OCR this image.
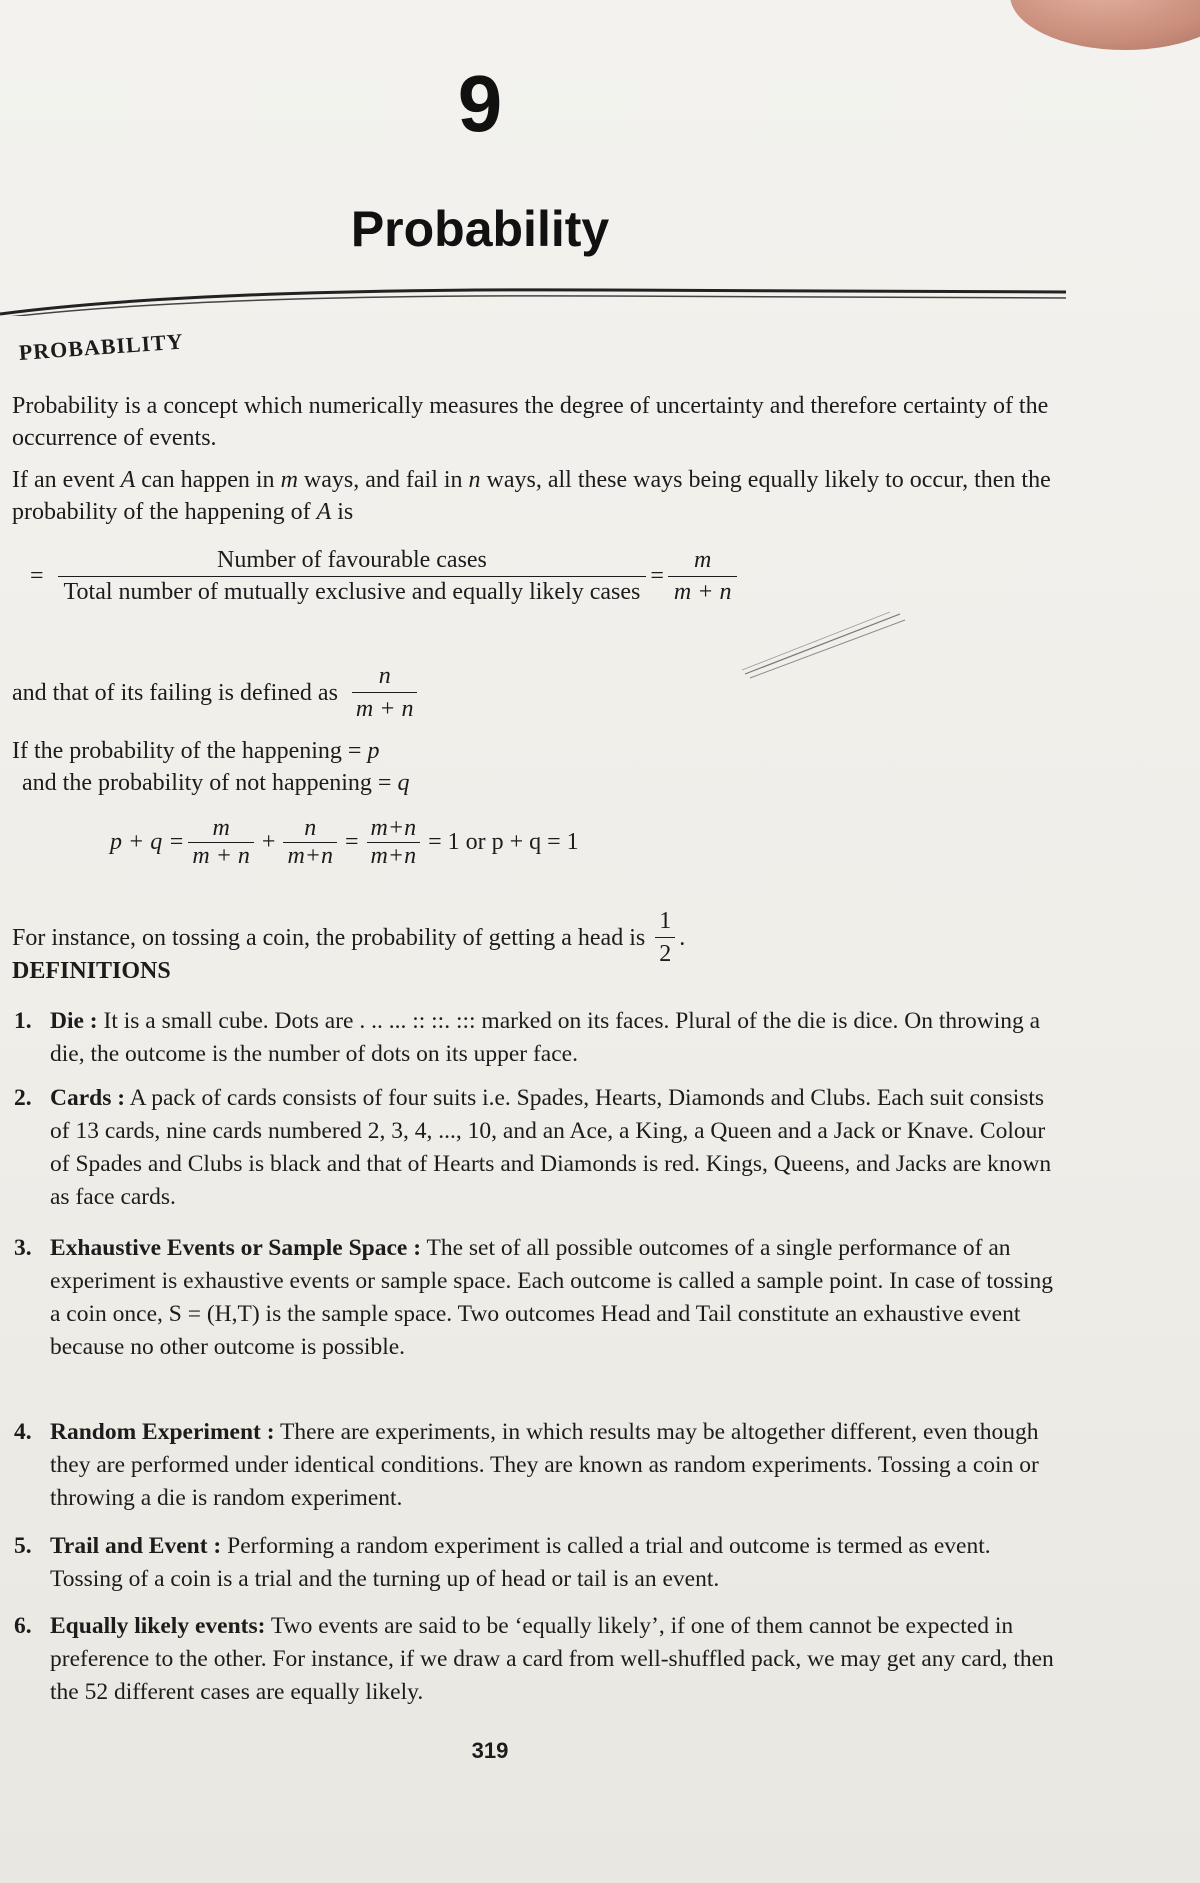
9
Probability
PROBABILITY

Probability is a concept which numerically measures the degree of uncertainty and therefore certainty of the occurrence of events.

If an event A can happen in m ways, and fail in n ways, all these ways being equally likely to occur, then the probability of the happening of A is

= $\frac{\text{Number of favourable cases}}{\text{Total number of mutually exclusive and equally likely cases}} = \frac{m}{m + n}$
and that of its failing is defined as $\frac{n}{m + n}$

If the probability of the happening = p

and the probability of not happening = q

$p + q = \frac{m}{m + n} + \frac{n}{m+n} = \frac{m+n}{m+n} = 1$ or p + q = 1
For instance, on tossing a coin, the probability of getting a head is $\frac{1}{2}$ .
DEFINITIONS
1. Die : It is a small cube. Dots are . .. ... :: ::. ::: marked on its faces. Plural of the die is dice. On throwing a die, the outcome is the number of dots on its upper face.
2. Cards : A pack of cards consists of four suits i.e. Spades, Hearts, Diamonds and Clubs. Each suit consists of 13 cards, nine cards numbered 2, 3, 4, ..., 10, and an Ace, a King, a Queen and a Jack or Knave. Colour of Spades and Clubs is black and that of Hearts and Diamonds is red. Kings, Queens, and Jacks are known as face cards.
3. Exhaustive Events or Sample Space : The set of all possible outcomes of a single performance of an experiment is exhaustive events or sample space. Each outcome is called a sample point. In case of tossing a coin once, S = (H,T) is the sample space. Two outcomes Head and Tail constitute an exhaustive event because no other outcome is possible.
4. Random Experiment : There are experiments, in which results may be altogether different, even though they are performed under identical conditions. They are known as random experiments. Tossing a coin or throwing a die is random experiment.
5. Trail and Event : Performing a random experiment is called a trial and outcome is termed as event. Tossing of a coin is a trial and the turning up of head or tail is an event.
6. Equally likely events: Two events are said to be ‘equally likely’, if one of them cannot be expected in preference to the other. For instance, if we draw a card from well-shuffled pack, we may get any card, then the 52 different cases are equally likely.
319
